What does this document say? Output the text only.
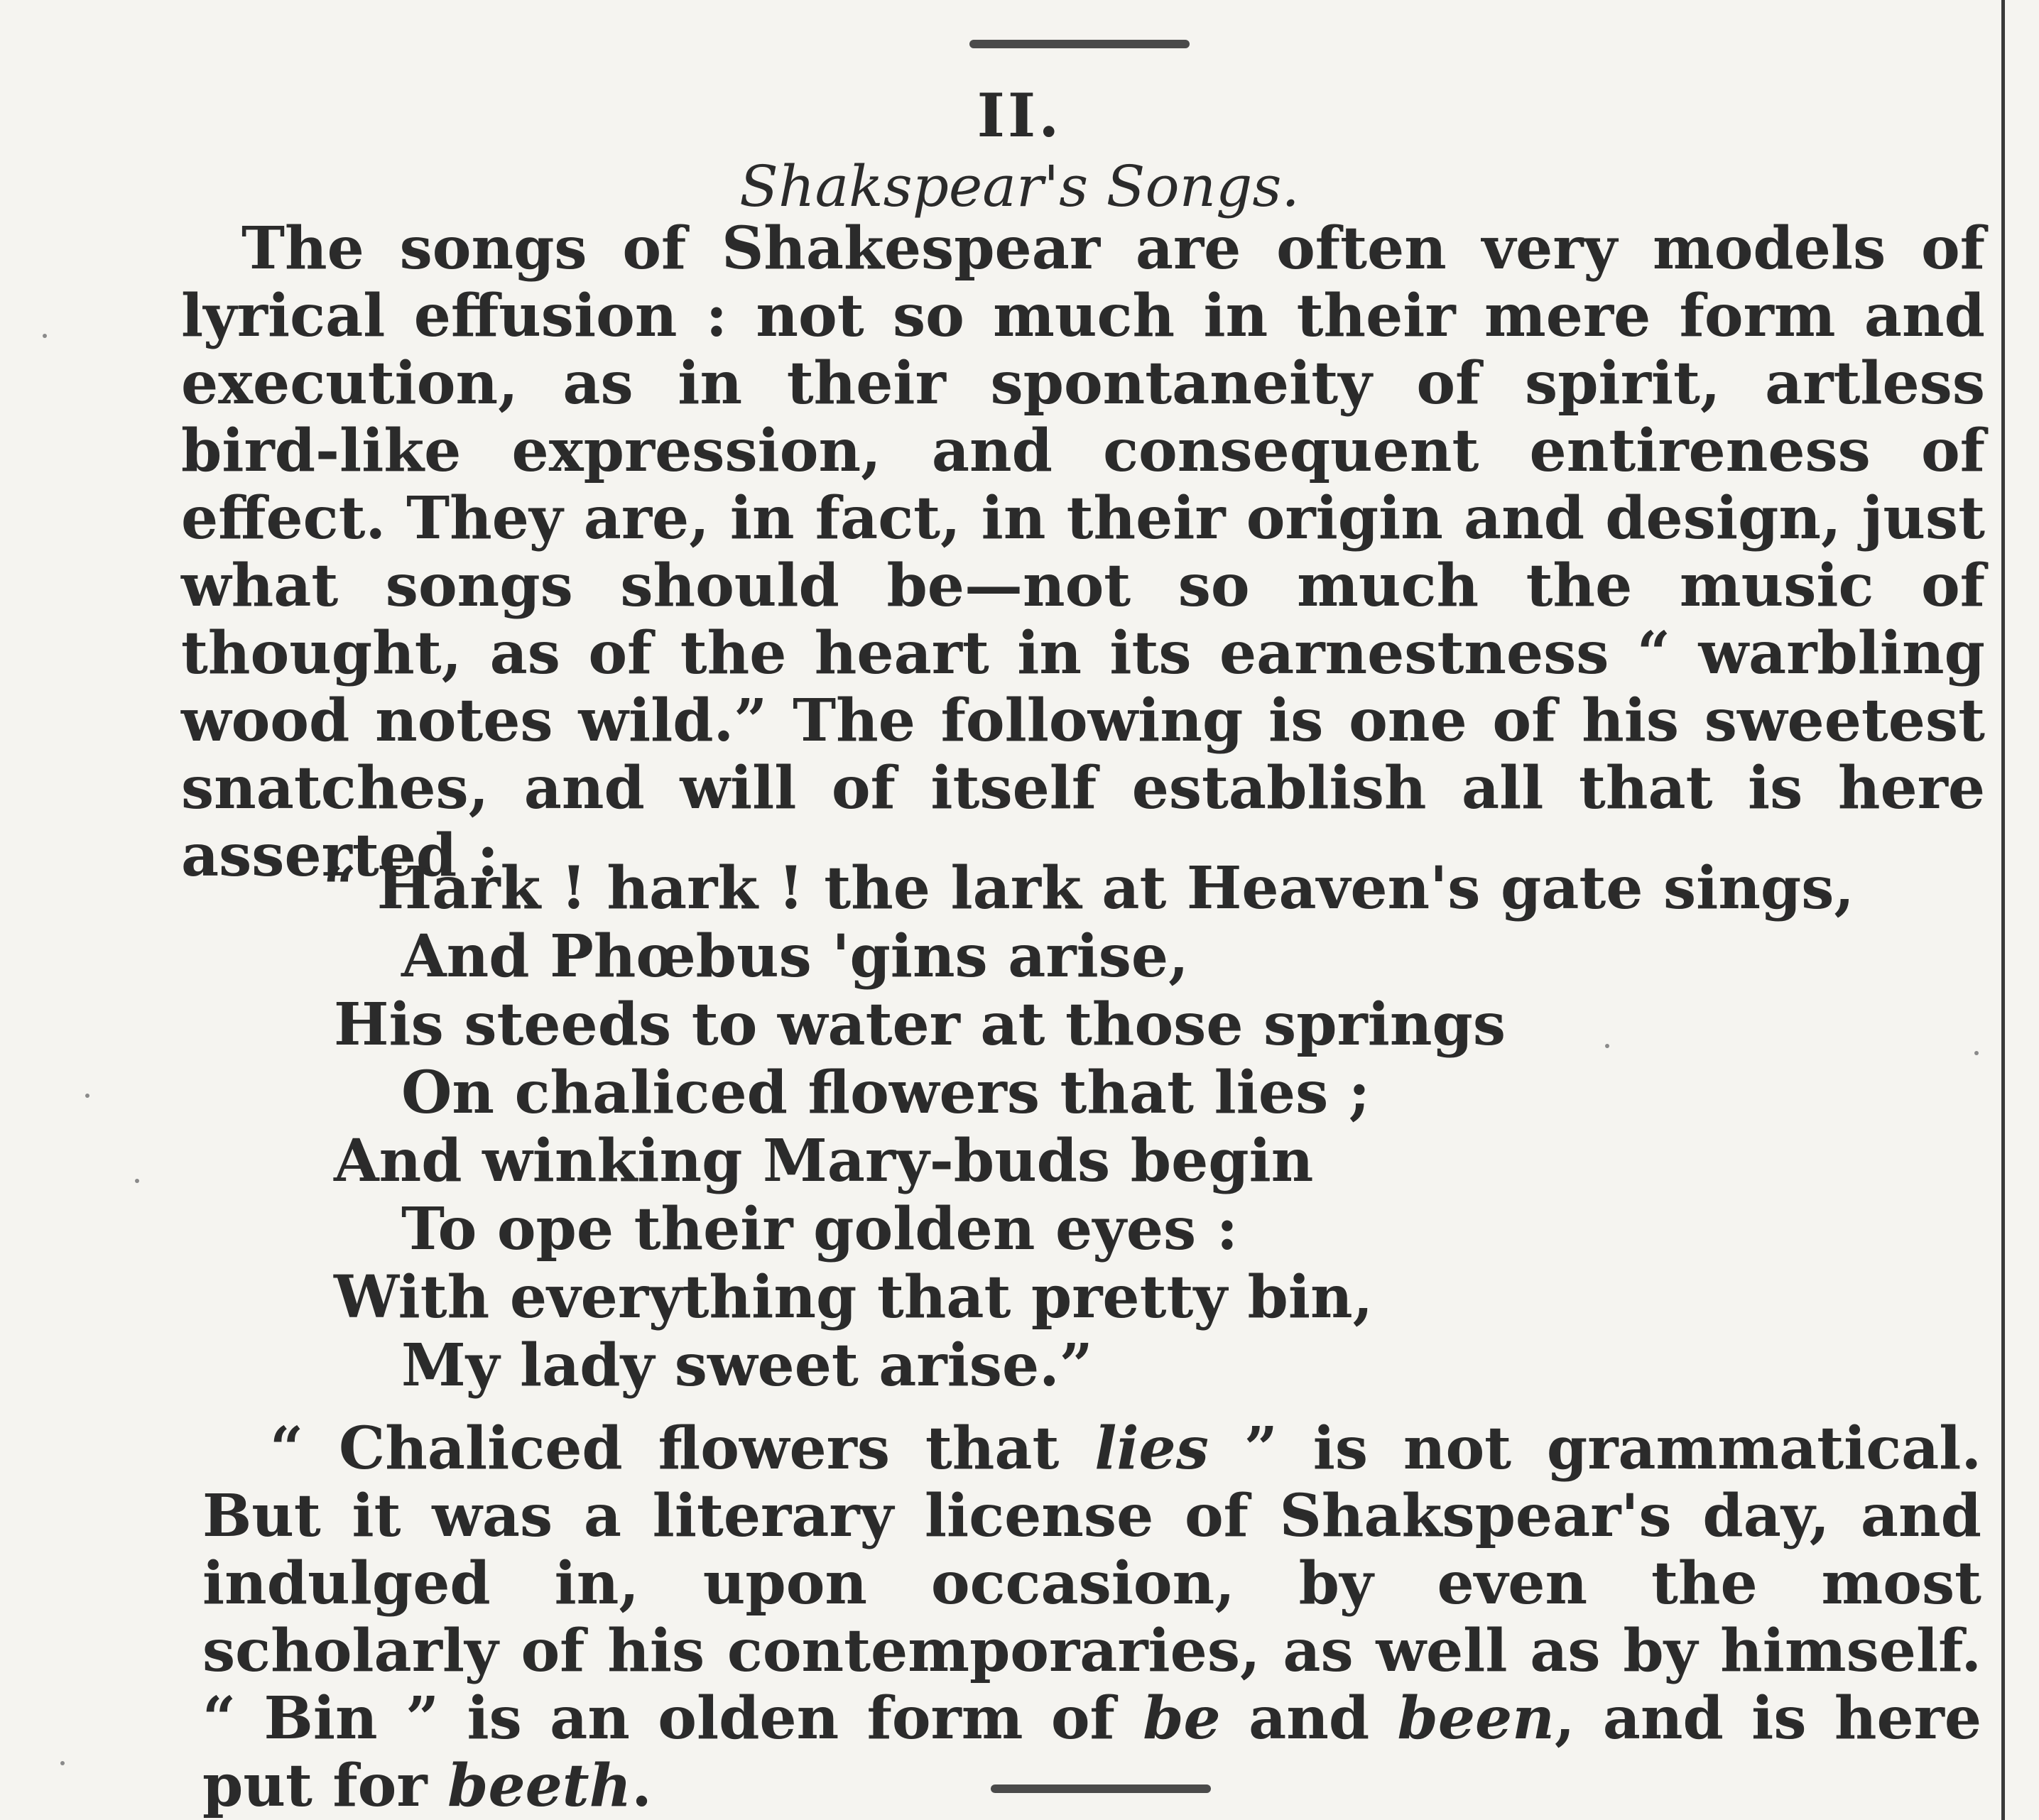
II.
Shakspear's Songs.

The songs of Shakespear are often very models of lyrical effusion : not so much in their mere form and execution, as in their spontaneity of spirit, artless bird-like expression, and consequent entireness of effect. They are, in fact, in their origin and design, just what songs should be—not so much the music of thought, as of the heart in its earnestness “ warbling wood notes wild.” The following is one of his sweetest snatches, and will of itself establish all that is here asserted :

“ Hark ! hark ! the lark at Heaven's gate sings,
And Phœbus 'gins arise,
His steeds to water at those springs
On chaliced flowers that lies ;
And winking Mary-buds begin
To ope their golden eyes :
With everything that pretty bin,
My lady sweet arise.”

“ Chaliced flowers that lies ” is not grammatical. But it was a literary license of Shakspear's day, and indulged in, upon occasion, by even the most scholarly of his contemporaries, as well as by himself. “ Bin ” is an olden form of be and been, and is here put for beeth.
